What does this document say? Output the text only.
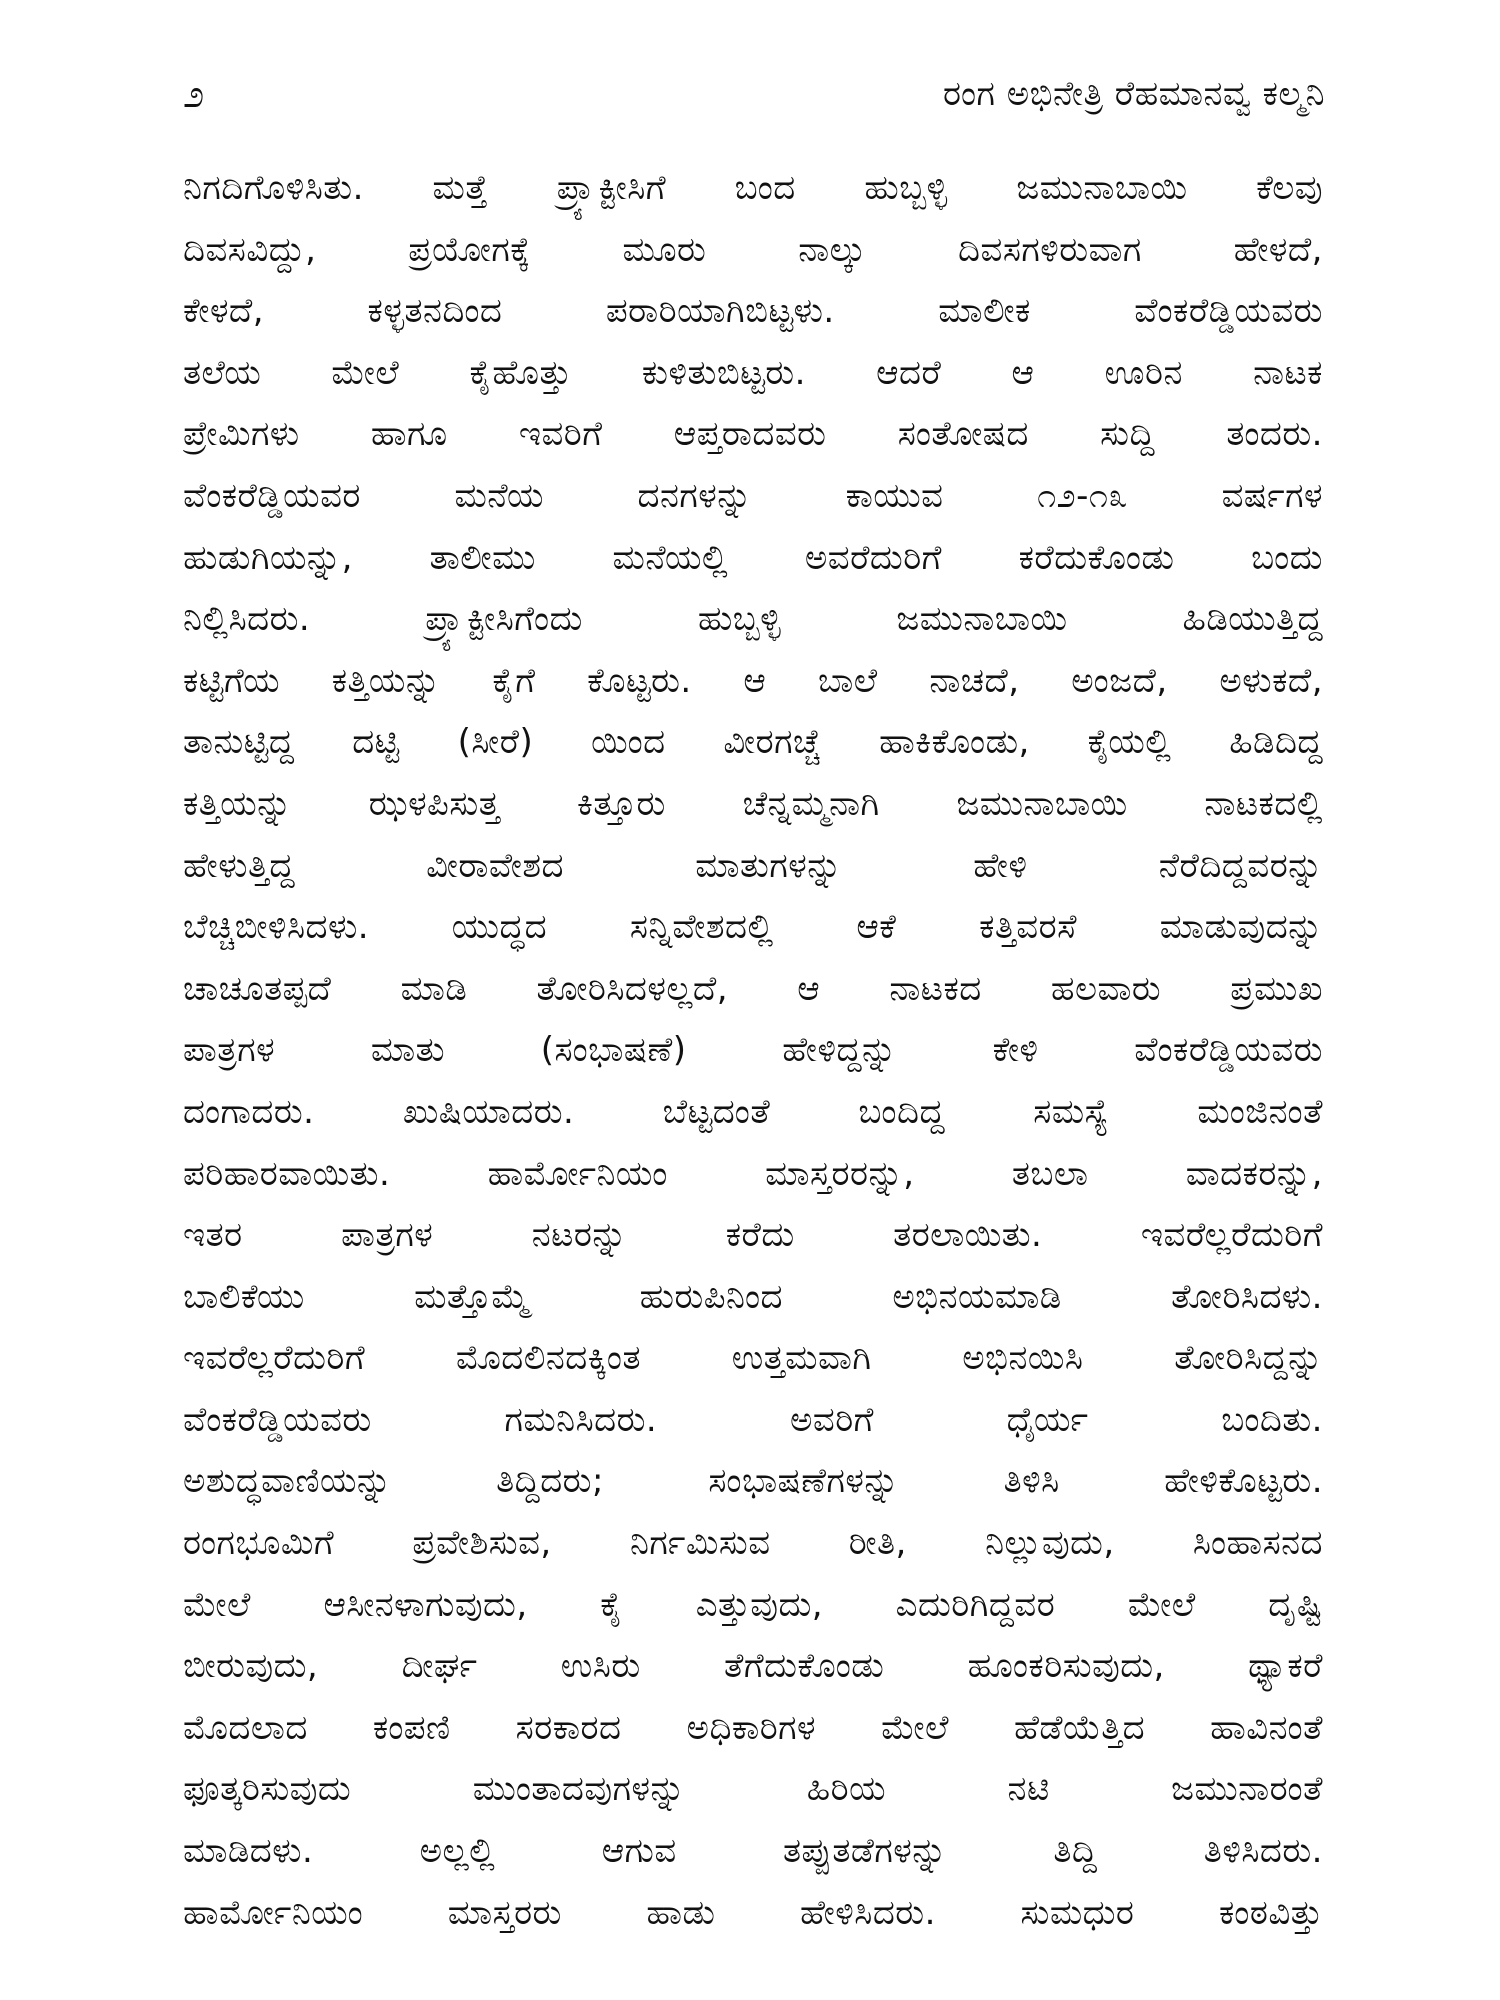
೨	ರಂಗ ಅಭಿನೇತ್ರಿ ರೆಹಮಾನವ್ವ ಕಲ್ಮನಿ
ನಿಗದಿಗೊಳಿಸಿತು. ಮತ್ತೆ ಪ್ರ್ಯಾಕ್ಟೀಸಿಗೆ ಬಂದ ಹುಬ್ಬಳ್ಳಿ ಜಮುನಾಬಾಯಿ ಕೆಲವು
ದಿವಸವಿದ್ದು, ಪ್ರಯೋಗಕ್ಕೆ ಮೂರು ನಾಲ್ಕು ದಿವಸಗಳಿರುವಾಗ ಹೇಳದೆ,
ಕೇಳದೆ, ಕಳ್ಳತನದಿಂದ ಪರಾರಿಯಾಗಿಬಿಟ್ಟಳು. ಮಾಲೀಕ ವೆಂಕರೆಡ್ಡಿಯವರು
ತಲೆಯ ಮೇಲೆ ಕೈಹೊತ್ತು ಕುಳಿತುಬಿಟ್ಟರು. ಆದರೆ ಆ ಊರಿನ ನಾಟಕ
ಪ್ರೇಮಿಗಳು ಹಾಗೂ ಇವರಿಗೆ ಆಪ್ತರಾದವರು ಸಂತೋಷದ ಸುದ್ದಿ ತಂದರು.
ವೆಂಕರೆಡ್ಡಿಯವರ ಮನೆಯ ದನಗಳನ್ನು ಕಾಯುವ ೧೨-೧೩ ವರ್ಷಗಳ
ಹುಡುಗಿಯನ್ನು, ತಾಲೀಮು ಮನೆಯಲ್ಲಿ ಅವರೆದುರಿಗೆ ಕರೆದುಕೊಂಡು ಬಂದು
ನಿಲ್ಲಿಸಿದರು. ಪ್ರ್ಯಾಕ್ಟೀಸಿಗೆಂದು ಹುಬ್ಬಳ್ಳಿ ಜಮುನಾಬಾಯಿ ಹಿಡಿಯುತ್ತಿದ್ದ
ಕಟ್ಟಿಗೆಯ ಕತ್ತಿಯನ್ನು ಕೈಗೆ ಕೊಟ್ಟರು. ಆ ಬಾಲೆ ನಾಚದೆ, ಅಂಜದೆ, ಅಳುಕದೆ,
ತಾನುಟ್ಟಿದ್ದ ದಟ್ಟಿ (ಸೀರೆ) ಯಿಂದ ವೀರಗಚ್ಚೆ ಹಾಕಿಕೊಂಡು, ಕೈಯಲ್ಲಿ ಹಿಡಿದಿದ್ದ
ಕತ್ತಿಯನ್ನು ಝಳಪಿಸುತ್ತ ಕಿತ್ತೂರು ಚೆನ್ನಮ್ಮನಾಗಿ ಜಮುನಾಬಾಯಿ ನಾಟಕದಲ್ಲಿ
ಹೇಳುತ್ತಿದ್ದ ವೀರಾವೇಶದ ಮಾತುಗಳನ್ನು ಹೇಳಿ ನೆರೆದಿದ್ದವರನ್ನು
ಬೆಚ್ಚಿಬೀಳಿಸಿದಳು. ಯುದ್ಧದ ಸನ್ನಿವೇಶದಲ್ಲಿ ಆಕೆ ಕತ್ತಿವರಸೆ ಮಾಡುವುದನ್ನು
ಚಾಚೂತಪ್ಪದೆ ಮಾಡಿ ತೋರಿಸಿದಳಲ್ಲದೆ, ಆ ನಾಟಕದ ಹಲವಾರು ಪ್ರಮುಖ
ಪಾತ್ರಗಳ ಮಾತು (ಸಂಭಾಷಣೆ) ಹೇಳಿದ್ದನ್ನು ಕೇಳಿ ವೆಂಕರೆಡ್ಡಿಯವರು
ದಂಗಾದರು. ಖುಷಿಯಾದರು. ಬೆಟ್ಟದಂತೆ ಬಂದಿದ್ದ ಸಮಸ್ಯೆ ಮಂಜಿನಂತೆ
ಪರಿಹಾರವಾಯಿತು. ಹಾರ್ಮೋನಿಯಂ ಮಾಸ್ತರರನ್ನು, ತಬಲಾ ವಾದಕರನ್ನು,
ಇತರ ಪಾತ್ರಗಳ ನಟರನ್ನು ಕರೆದು ತರಲಾಯಿತು. ಇವರೆಲ್ಲರೆದುರಿಗೆ
ಬಾಲಿಕೆಯು ಮತ್ತೊಮ್ಮೆ ಹುರುಪಿನಿಂದ ಅಭಿನಯಮಾಡಿ ತೋರಿಸಿದಳು.
ಇವರೆಲ್ಲರೆದುರಿಗೆ ಮೊದಲಿನದಕ್ಕಿಂತ ಉತ್ತಮವಾಗಿ ಅಭಿನಯಿಸಿ ತೋರಿಸಿದ್ದನ್ನು
ವೆಂಕರೆಡ್ಡಿಯವರು ಗಮನಿಸಿದರು. ಅವರಿಗೆ ಧೈರ್ಯ ಬಂದಿತು.
ಅಶುದ್ಧವಾಣಿಯನ್ನು ತಿದ್ದಿದರು; ಸಂಭಾಷಣೆಗಳನ್ನು ತಿಳಿಸಿ ಹೇಳಿಕೊಟ್ಟರು.
ರಂಗಭೂಮಿಗೆ ಪ್ರವೇಶಿಸುವ, ನಿರ್ಗಮಿಸುವ ರೀತಿ, ನಿಲ್ಲುವುದು, ಸಿಂಹಾಸನದ
ಮೇಲೆ ಆಸೀನಳಾಗುವುದು, ಕೈ ಎತ್ತುವುದು, ಎದುರಿಗಿದ್ದವರ ಮೇಲೆ ದೃಷ್ಟಿ
ಬೀರುವುದು, ದೀರ್ಘ ಉಸಿರು ತೆಗೆದುಕೊಂಡು ಹೂಂಕರಿಸುವುದು, ಥ್ಯಾಕರೆ
ಮೊದಲಾದ ಕಂಪಣಿ ಸರಕಾರದ ಅಧಿಕಾರಿಗಳ ಮೇಲೆ ಹೆಡೆಯೆತ್ತಿದ ಹಾವಿನಂತೆ
ಫೂತ್ಕರಿಸುವುದು ಮುಂತಾದವುಗಳನ್ನು ಹಿರಿಯ ನಟಿ ಜಮುನಾರಂತೆ
ಮಾಡಿದಳು. ಅಲ್ಲಲ್ಲಿ ಆಗುವ ತಪ್ಪುತಡೆಗಳನ್ನು ತಿದ್ದಿ ತಿಳಿಸಿದರು.
ಹಾರ್ಮೋನಿಯಂ ಮಾಸ್ತರರು ಹಾಡು ಹೇಳಿಸಿದರು. ಸುಮಧುರ ಕಂಠವಿತ್ತು
